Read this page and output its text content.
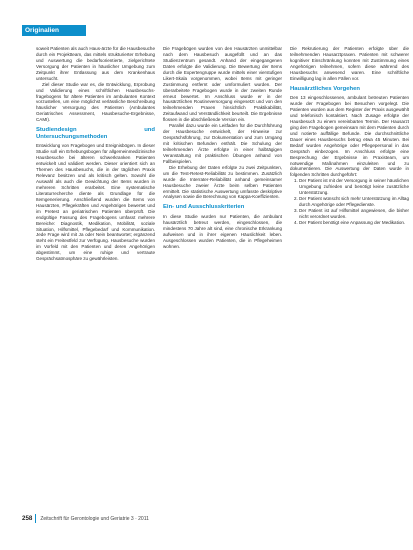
Originalien

soweit Patienten als auch Haus-ärzte für die Hausbesuche durch ein Projektteam, das mittels strukturierter Erhebung und Auswertung die bedarfsorientierte, zielgerichtete Versorgung der Patienten in häuslicher Umgebung zum Zeitpunkt ihrer Entlassung aus dem Krankenhaus untersucht.

Ziel dieser Studie war es, die Entwicklung, Erprobung und Validierung eines schriftlichen Hausbesuchs-fragebogens für ältere Patienten im ambulanten Kontext vorzustellen, um eine möglichst verlässliche Beschreibung häuslicher Versorgung des Patienten (Ambulantes Geriatrisches Assessment, Hausbesuche-Ergebnisse, CAMI).

Studiendesign und Untersuchungsmethoden

Entwicklung von Fragebogen und Ereignisbögen. In dieser Studie soll ein Erhebungsbogen für allgemeinmedizinische Hausbesuche bei älteren schwerkranken Patienten entwickelt und validiert werden. Dieser orientiert sich an Themen des Hausbesuchs, die in der täglichen Praxis Relevanz besitzen und als kritisch gelten. Sowohl die Auswahl als auch die Gewichtung der Items wurden in mehreren Schritten erarbeitet. Eine systematische Literaturrecherche diente als Grundlage für die Itemgenerierung. Anschließend wurden die Items von Hausärzten, Pflegekräften und Angehörigen bewertet und im Pretest an geriatrischen Patienten überprüft. Die endgültige Fassung des Fragebogens umfasst mehrere Bereiche: Diagnostik, Medikation, Mobilität, soziale Situation, Hilfsmittel, Pflegebedarf und Kommunikation. Jede Frage wird mit Ja oder Nein beantwortet; ergänzend steht ein Freitextfeld zur Verfügung. Hausbesuche wurden im Vorfeld mit den Patienten und deren Angehörigen abgestimmt, um eine ruhige und vertraute Gesprächsatmosphäre zu gewährleisten.

Die Fragebögen wurden von den Hausärzten unmittelbar nach dem Hausbesuch ausgefüllt und an das Studienzentrum gesandt. Anhand der eingegangenen Daten erfolgte die Validierung. Die Bewertung der Items durch die Expertengruppe wurde mittels einer vierstufigen Likert-Skala vorgenommen, wobei Items mit geringer Zustimmung entfernt oder umformuliert wurden. Der überarbeitete Fragebogen wurde in der zweiten Runde erneut bewertet. Im Anschluss wurde er in der hausärztlichen Routineversorgung eingesetzt und von den teilnehmenden Praxen hinsichtlich Praktikabilität, Zeitaufwand und Verständlichkeit beurteilt. Die Ergebnisse flossen in die abschließende Version ein.

Parallel dazu wurde ein Leitfaden für die Durchführung der Hausbesuche entwickelt, der Hinweise zur Gesprächsführung, zur Dokumentation und zum Umgang mit kritischen Befunden enthält. Die Schulung der teilnehmenden Ärzte erfolgte in einer halbtägigen Veranstaltung mit praktischen Übungen anhand von Fallbeispielen.

Die Erhebung der Daten erfolgte zu zwei Zeitpunkten, um die Test-Retest-Reliabilität zu bestimmen. Zusätzlich wurde die Interrater-Reliabilität anhand gemeinsamer Hausbesuche zweier Ärzte beim selben Patienten ermittelt. Die statistische Auswertung umfasste deskriptive Analysen sowie die Berechnung von Kappa-Koeffizienten.

Ein- und Ausschlusskriterien

In diese Studie wurden nur Patienten, die ambulant hausärztlich betreut werden, eingeschlossen, die mindestens 70 Jahre alt sind, eine chronische Erkrankung aufweisen und in ihrer eigenen Häuslichkeit leben. Ausgeschlossen wurden Patienten, die in Pflegeheimen wohnen.

Die Rekrutierung der Patienten erfolgte über die teilnehmenden Hausarztpraxen. Patienten mit schwerer kognitiver Einschränkung konnten mit Zustimmung eines Angehörigen teilnehmen, sofern diese während des Hausbesuchs anwesend waren. Eine schriftliche Einwilligung lag in allen Fällen vor.

Hausärztliches Vorgehen

Den 13 eingeschlossenen, ambulant betreuten Patienten wurde der Fragebogen bei Besuchen vorgelegt. Die Patienten wurden aus dem Register der Praxis ausgewählt und telefonisch kontaktiert. Nach Zusage erfolgte der Hausbesuch zu einem vereinbarten Termin. Der Hausarzt ging den Fragebogen gemeinsam mit dem Patienten durch und notierte auffällige Befunde. Die durchschnittliche Dauer eines Hausbesuchs betrug etwa 45 Minuten. Bei Bedarf wurden Angehörige oder Pflegepersonal in das Gespräch einbezogen. Im Anschluss erfolgte eine Besprechung der Ergebnisse im Praxisteam, um notwendige Maßnahmen einzuleiten und zu dokumentieren. Die Auswertung der Daten wurde in folgenden Schritten durchgeführt:

1. Der Patient ist mit der Versorgung in seiner häuslichen Umgebung zufrieden und benötigt keine zusätzliche Unterstützung.
2. Der Patient wünscht sich mehr Unterstützung im Alltag durch Angehörige oder Pflegedienste.
3. Der Patient ist auf Hilfsmittel angewiesen, die bisher nicht verordnet wurden.
4. Der Patient benötigt eine Anpassung der Medikation.
258 Zeitschrift für Gerontologie und Geriatrie 3 · 2011
